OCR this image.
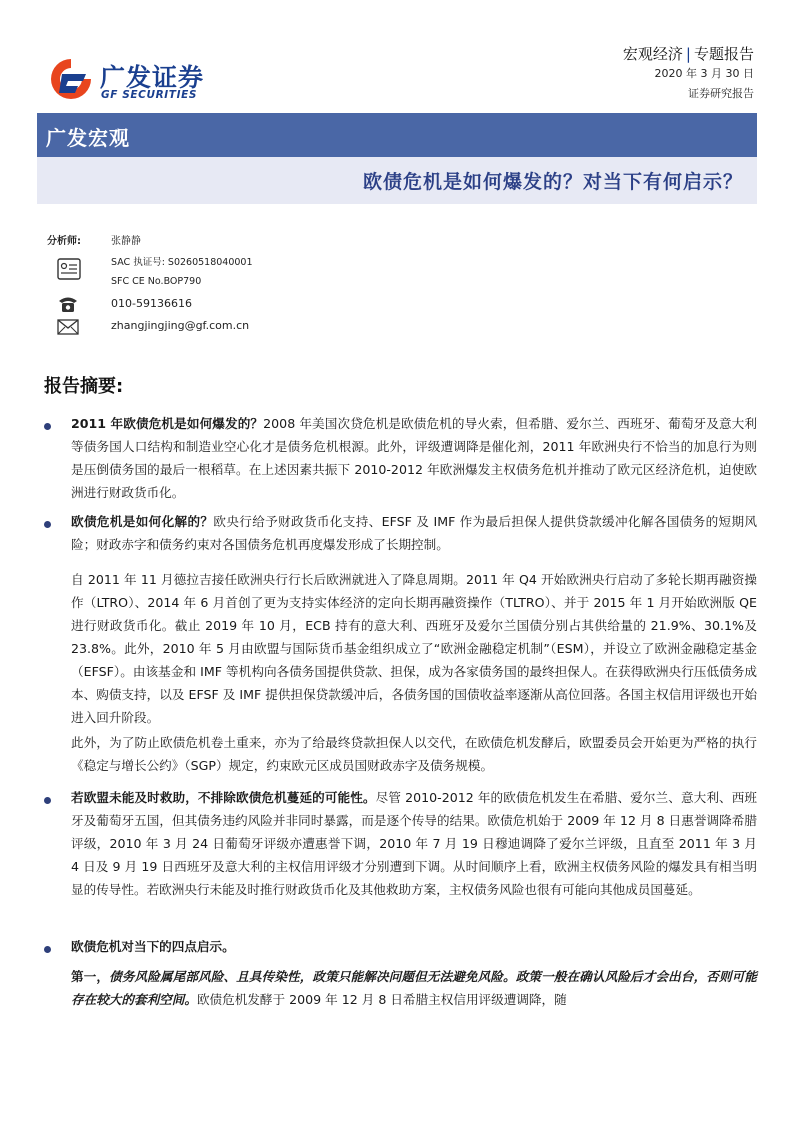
广发证券
GF SECURITIES
宏观经济 | 专题报告
2020 年 3 月 30 日
证券研究报告
广发宏观
欧债危机是如何爆发的？对当下有何启示？
分析师:	张静静
SAC 执证号: S0260518040001
SFC CE No.BOP790
010-59136616
zhangjingjing@gf.com.cn
报告摘要:
2011 年欧债危机是如何爆发的？2008 年美国次贷危机是欧债危机的导火索，但希腊、爱尔兰、西班牙、葡萄牙及意大利等债务国人口结构和制造业空心化才是债务危机根源。此外，评级遭调降是催化剂，2011 年欧洲央行不恰当的加息行为则是压倒债务国的最后一根稻草。在上述因素共振下 2010-2012 年欧洲爆发主权债务危机并推动了欧元区经济危机，迫使欧洲进行财政货币化。
欧债危机是如何化解的？欧央行给予财政货币化支持、EFSF 及 IMF 作为最后担保人提供贷款缓冲化解各国债务的短期风险；财政赤字和债务约束对各国债务危机再度爆发形成了长期控制。
自 2011 年 11 月德拉吉接任欧洲央行行长后欧洲就进入了降息周期。2011 年 Q4 开始欧洲央行启动了多轮长期再融资操作（LTRO）、2014 年 6 月首创了更为支持实体经济的定向长期再融资操作（TLTRO）、并于 2015 年 1 月开始欧洲版 QE 进行财政货币化。截止 2019 年 10 月，ECB 持有的意大利、西班牙及爱尔兰国债分别占其供给量的 21.9%、30.1%及 23.8%。此外，2010 年 5 月由欧盟与国际货币基金组织成立了“欧洲金融稳定机制”（ESM），并设立了欧洲金融稳定基金（EFSF）。由该基金和 IMF 等机构向各债务国提供贷款、担保，成为各家债务国的最终担保人。在获得欧洲央行压低债务成本、购债支持，以及 EFSF 及 IMF 提供担保贷款缓冲后，各债务国的国债收益率逐渐从高位回落。各国主权信用评级也开始进入回升阶段。
此外，为了防止欧债危机卷土重来，亦为了给最终贷款担保人以交代，在欧债危机发酵后，欧盟委员会开始更为严格的执行《稳定与增长公约》（SGP）规定，约束欧元区成员国财政赤字及债务规模。
若欧盟未能及时救助，不排除欧债危机蔓延的可能性。尽管 2010-2012 年的欧债危机发生在希腊、爱尔兰、意大利、西班牙及葡萄牙五国，但其债务违约风险并非同时暴露，而是逐个传导的结果。欧债危机始于 2009 年 12 月 8 日惠誉调降希腊评级，2010 年 3 月 24 日葡萄牙评级亦遭惠誉下调，2010 年 7 月 19 日穆迪调降了爱尔兰评级，且直至 2011 年 3 月 4 日及 9 月 19 日西班牙及意大利的主权信用评级才分别遭到下调。从时间顺序上看，欧洲主权债务风险的爆发具有相当明显的传导性。若欧洲央行未能及时推行财政货币化及其他救助方案，主权债务风险也很有可能向其他成员国蔓延。
欧债危机对当下的四点启示。
第一，债务风险属尾部风险、且具传染性，政策只能解决问题但无法避免风险。政策一般在确认风险后才会出台，否则可能存在较大的套利空间。欧债危机发酵于 2009 年 12 月 8 日希腊主权信用评级遭调降，随
